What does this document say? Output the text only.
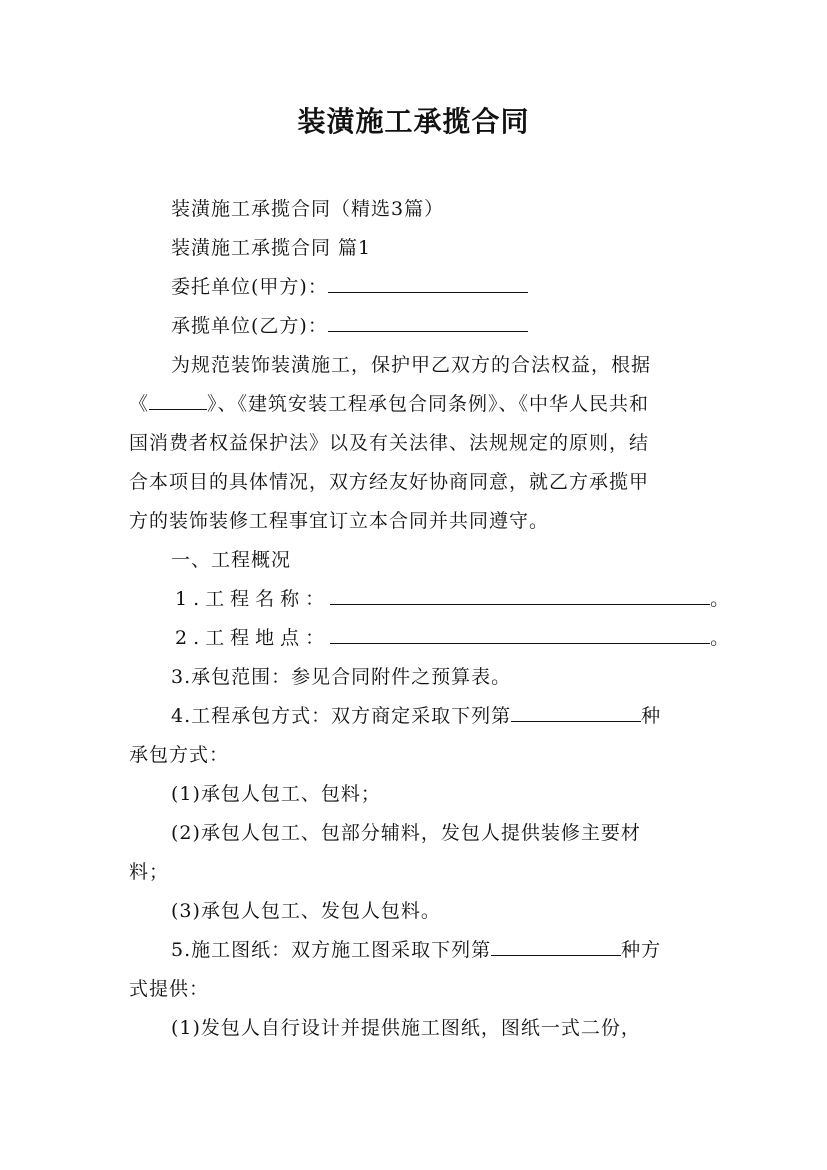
装潢施工承揽合同
装潢施工承揽合同（精选3篇）
装潢施工承揽合同 篇1
委托单位(甲方)：
承揽单位(乙方)：
为规范装饰装潢施工，保护甲乙双方的合法权益，根据
《	》、《建筑安装工程承包合同条例》、《中华人民共和
国消费者权益保护法》以及有关法律、法规规定的原则，结
合本项目的具体情况，双方经友好协商同意，就乙方承揽甲
方的装饰装修工程事宜订立本合同并共同遵守。
一、工程概况
1.工程名称：	。
2.工程地点：	。
3.承包范围：参见合同附件之预算表。
4.工程承包方式：双方商定采取下列第	种
承包方式：
(1)承包人包工、包料；
(2)承包人包工、包部分辅料，发包人提供装修主要材
料；
(3)承包人包工、发包人包料。
5.施工图纸：双方施工图采取下列第	种方
式提供：
(1)发包人自行设计并提供施工图纸，图纸一式二份，
